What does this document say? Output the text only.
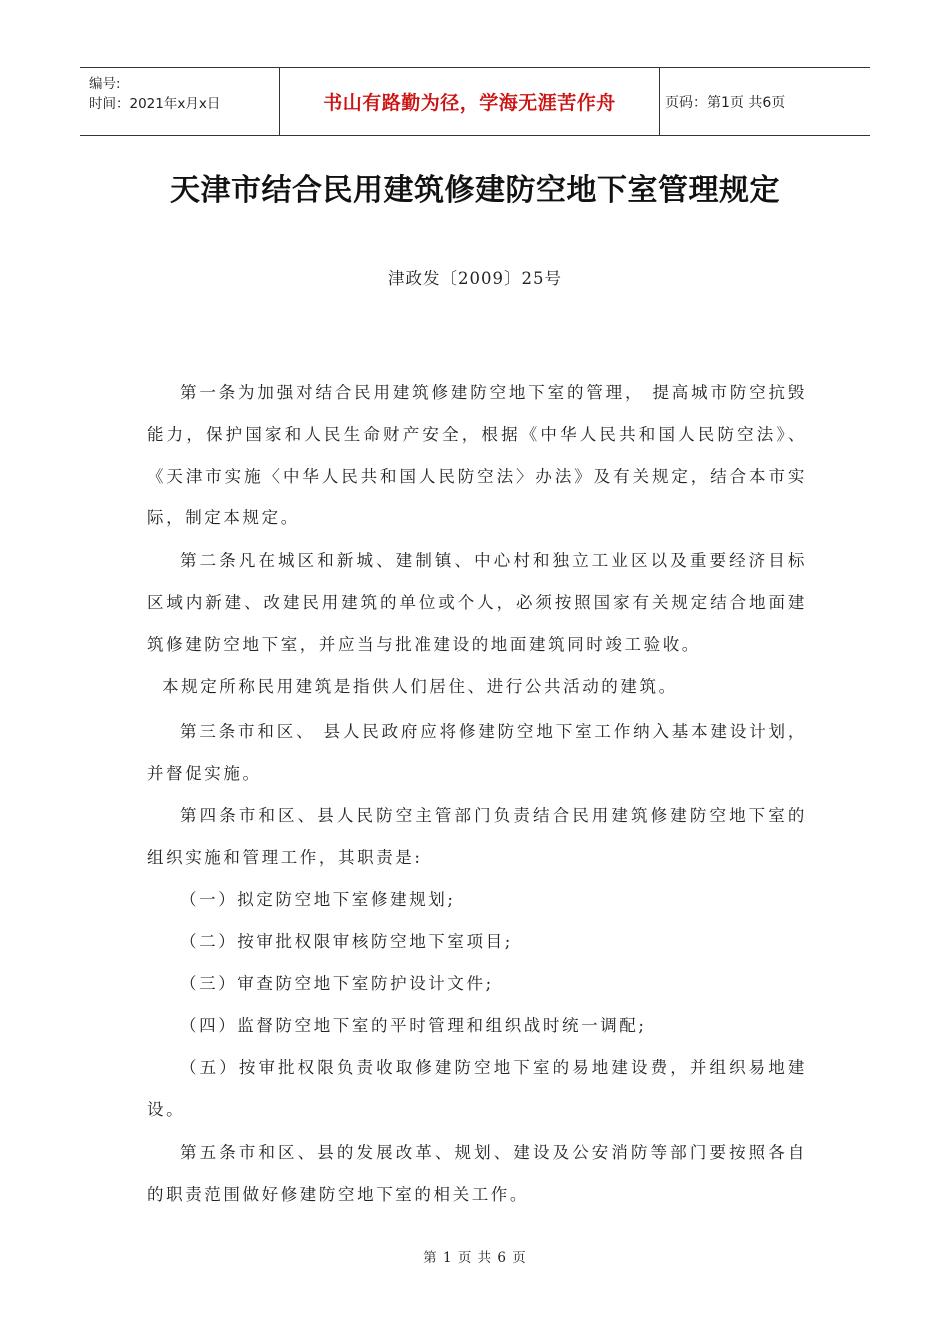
编号:
时间：2021年x月x日	书山有路勤为径，学海无涯苦作舟	页码：第1页 共6页
天津市结合民用建筑修建防空地下室管理规定
津政发〔2009〕25号

第一条为加强对结合民用建筑修建防空地下室的管理， 提高城市防空抗毁能力，保护国家和人民生命财产安全，根据《中华人民共和国人民防空法》、《天津市实施〈中华人民共和国人民防空法〉办法》及有关规定，结合本市实际，制定本规定。

第二条凡在城区和新城、建制镇、中心村和独立工业区以及重要经济目标区域内新建、改建民用建筑的单位或个人，必须按照国家有关规定结合地面建筑修建防空地下室，并应当与批准建设的地面建筑同时竣工验收。

本规定所称民用建筑是指供人们居住、进行公共活动的建筑。

第三条市和区、 县人民政府应将修建防空地下室工作纳入基本建设计划，并督促实施。

第四条市和区、县人民防空主管部门负责结合民用建筑修建防空地下室的组织实施和管理工作，其职责是:

（一）拟定防空地下室修建规划;

（二）按审批权限审核防空地下室项目;

（三）审查防空地下室防护设计文件;

（四）监督防空地下室的平时管理和组织战时统一调配;

（五）按审批权限负责收取修建防空地下室的易地建设费，并组织易地建设。

第五条市和区、县的发展改革、规划、建设及公安消防等部门要按照各自的职责范围做好修建防空地下室的相关工作。

第 1 页 共 6 页
